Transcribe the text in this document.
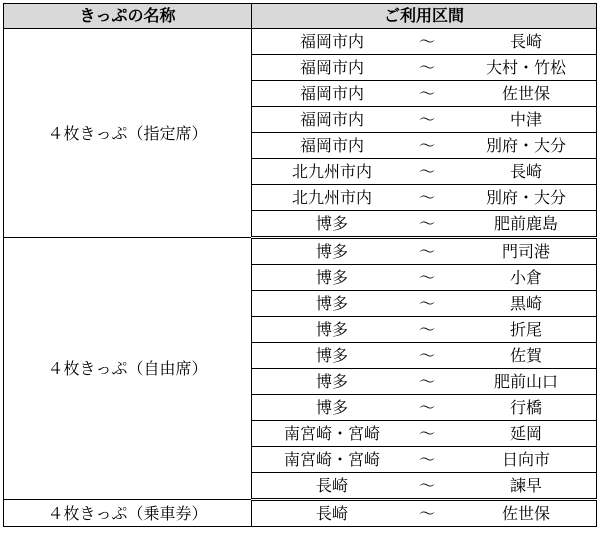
きっぷの名称	ご利用区間
４枚きっぷ（指定席）	福岡市内 ～ 長崎

	福岡市内 ～ 大村・竹松

	福岡市内 ～ 佐世保

	福岡市内 ～ 中津

	福岡市内 ～ 別府・大分

	北九州市内 ～ 長崎

	北九州市内 ～ 別府・大分

	博多 ～ 肥前鹿島

４枚きっぷ（自由席）	博多 ～ 門司港

	博多 ～ 小倉

	博多 ～ 黒崎

	博多 ～ 折尾

	博多 ～ 佐賀

	博多 ～ 肥前山口

	博多 ～ 行橋

	南宮崎・宮崎 ～ 延岡

	南宮崎・宮崎 ～ 日向市

	長崎 ～ 諫早

４枚きっぷ（乗車券）	長崎 ～ 佐世保
